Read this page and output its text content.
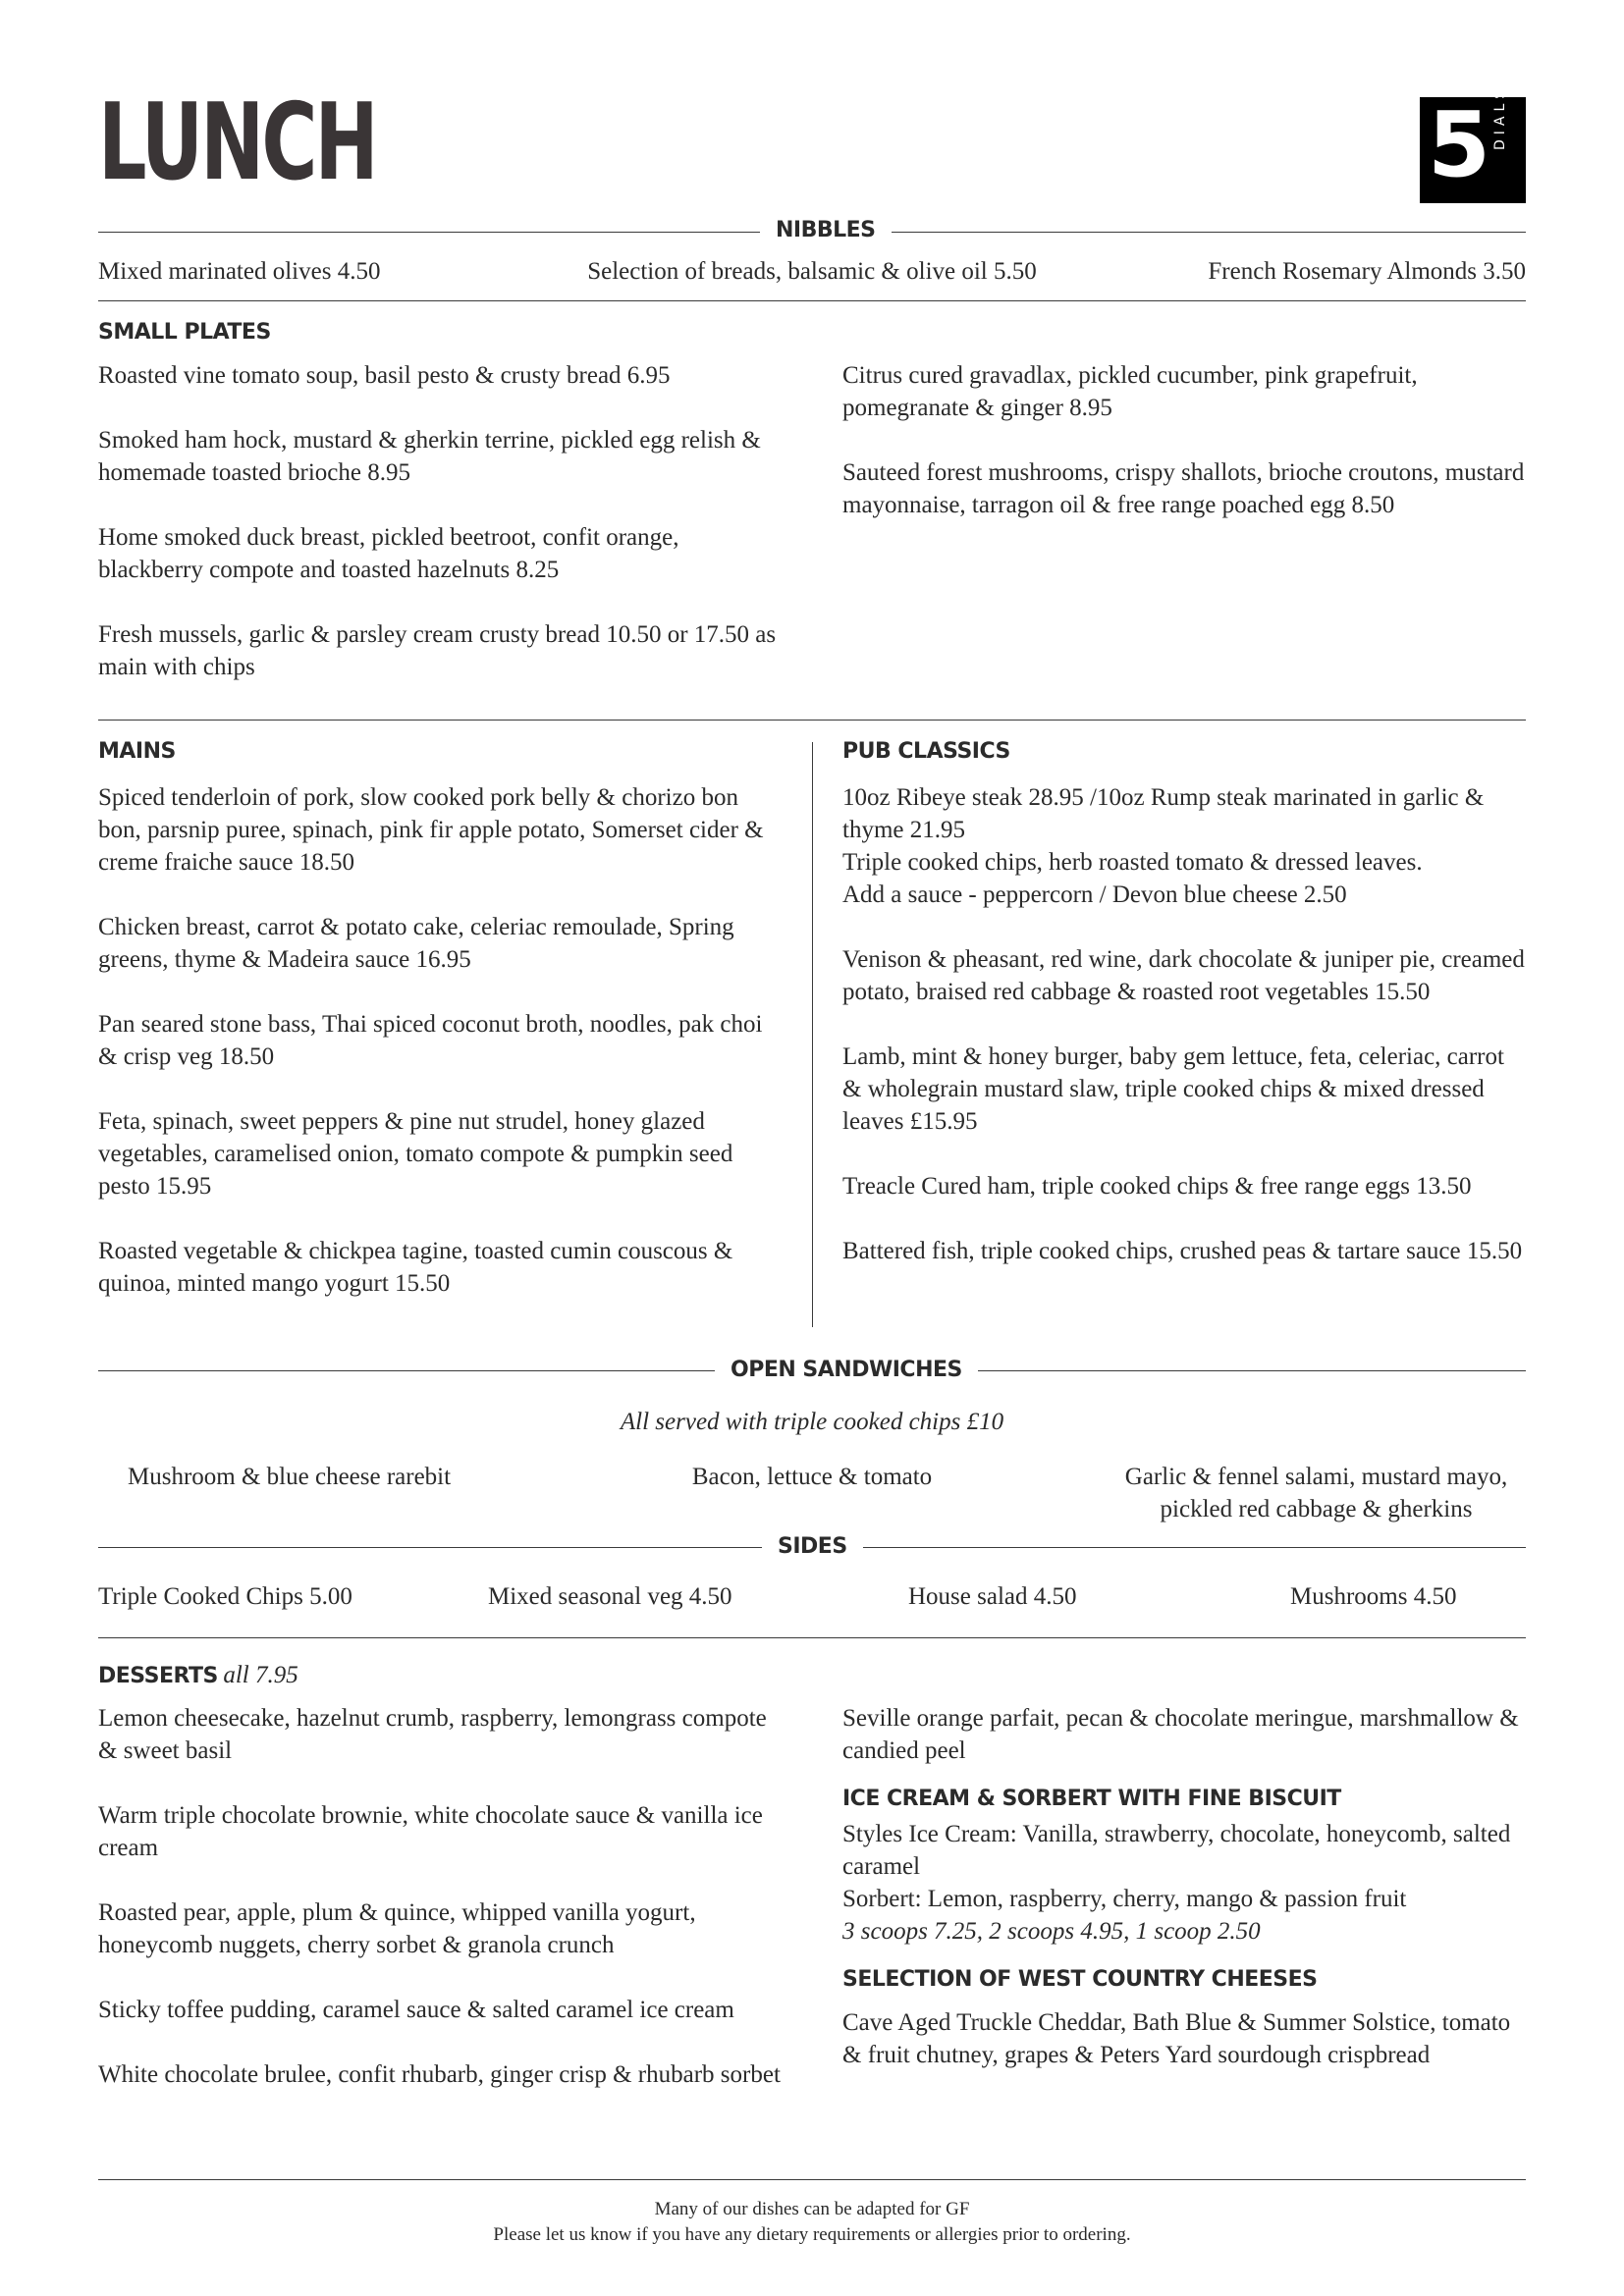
LUNCH	5 DIALS
NIBBLES
Mixed marinated olives 4.50	Selection of breads, balsamic & olive oil 5.50	French Rosemary Almonds 3.50
SMALL PLATES
Roasted vine tomato soup, basil pesto & crusty bread 6.95
Smoked ham hock, mustard & gherkin terrine, pickled egg relish & homemade toasted brioche 8.95
Home smoked duck breast, pickled beetroot, confit orange, blackberry compote and toasted hazelnuts 8.25
Fresh mussels, garlic & parsley cream crusty bread 10.50 or 17.50 as main with chips
Citrus cured gravadlax, pickled cucumber, pink grapefruit, pomegranate & ginger 8.95
Sauteed forest mushrooms, crispy shallots, brioche croutons, mustard mayonnaise, tarragon oil & free range poached egg 8.50
MAINS
Spiced tenderloin of pork, slow cooked pork belly & chorizo bon bon, parsnip puree, spinach, pink fir apple potato, Somerset cider & creme fraiche sauce 18.50
Chicken breast, carrot & potato cake, celeriac remoulade, Spring greens, thyme & Madeira sauce 16.95
Pan seared stone bass, Thai spiced coconut broth, noodles, pak choi & crisp veg 18.50
Feta, spinach, sweet peppers & pine nut strudel, honey glazed vegetables, caramelised onion, tomato compote & pumpkin seed pesto 15.95
Roasted vegetable & chickpea tagine, toasted cumin couscous & quinoa, minted mango yogurt 15.50
PUB CLASSICS
10oz Ribeye steak 28.95 /10oz Rump steak marinated in garlic & thyme 21.95
Triple cooked chips, herb roasted tomato & dressed leaves.
Add a sauce - peppercorn / Devon blue cheese 2.50
Venison & pheasant, red wine, dark chocolate & juniper pie, creamed potato, braised red cabbage & roasted root vegetables 15.50
Lamb, mint & honey burger, baby gem lettuce, feta, celeriac, carrot & wholegrain mustard slaw, triple cooked chips & mixed dressed leaves £15.95
Treacle Cured ham, triple cooked chips & free range eggs 13.50
Battered fish, triple cooked chips, crushed peas & tartare sauce 15.50
OPEN SANDWICHES
All served with triple cooked chips £10
Mushroom & blue cheese rarebit	Bacon, lettuce & tomato	Garlic & fennel salami, mustard mayo, pickled red cabbage & gherkins
SIDES
Triple Cooked Chips 5.00	Mixed seasonal veg 4.50	House salad 4.50	Mushrooms 4.50
DESSERTS all 7.95
Lemon cheesecake, hazelnut crumb, raspberry, lemongrass compote & sweet basil
Warm triple chocolate brownie, white chocolate sauce & vanilla ice cream
Roasted pear, apple, plum & quince, whipped vanilla yogurt, honeycomb nuggets, cherry sorbet & granola crunch
Sticky toffee pudding, caramel sauce & salted caramel ice cream
White chocolate brulee, confit rhubarb, ginger crisp & rhubarb sorbet
Seville orange parfait, pecan & chocolate meringue, marshmallow & candied peel
ICE CREAM & SORBERT WITH FINE BISCUIT
Styles Ice Cream: Vanilla, strawberry, chocolate, honeycomb, salted caramel
Sorbert: Lemon, raspberry, cherry, mango & passion fruit
3 scoops 7.25, 2 scoops 4.95, 1 scoop 2.50
SELECTION OF WEST COUNTRY CHEESES
Cave Aged Truckle Cheddar, Bath Blue & Summer Solstice, tomato & fruit chutney, grapes & Peters Yard sourdough crispbread
Many of our dishes can be adapted for GF
Please let us know if you have any dietary requirements or allergies prior to ordering.
